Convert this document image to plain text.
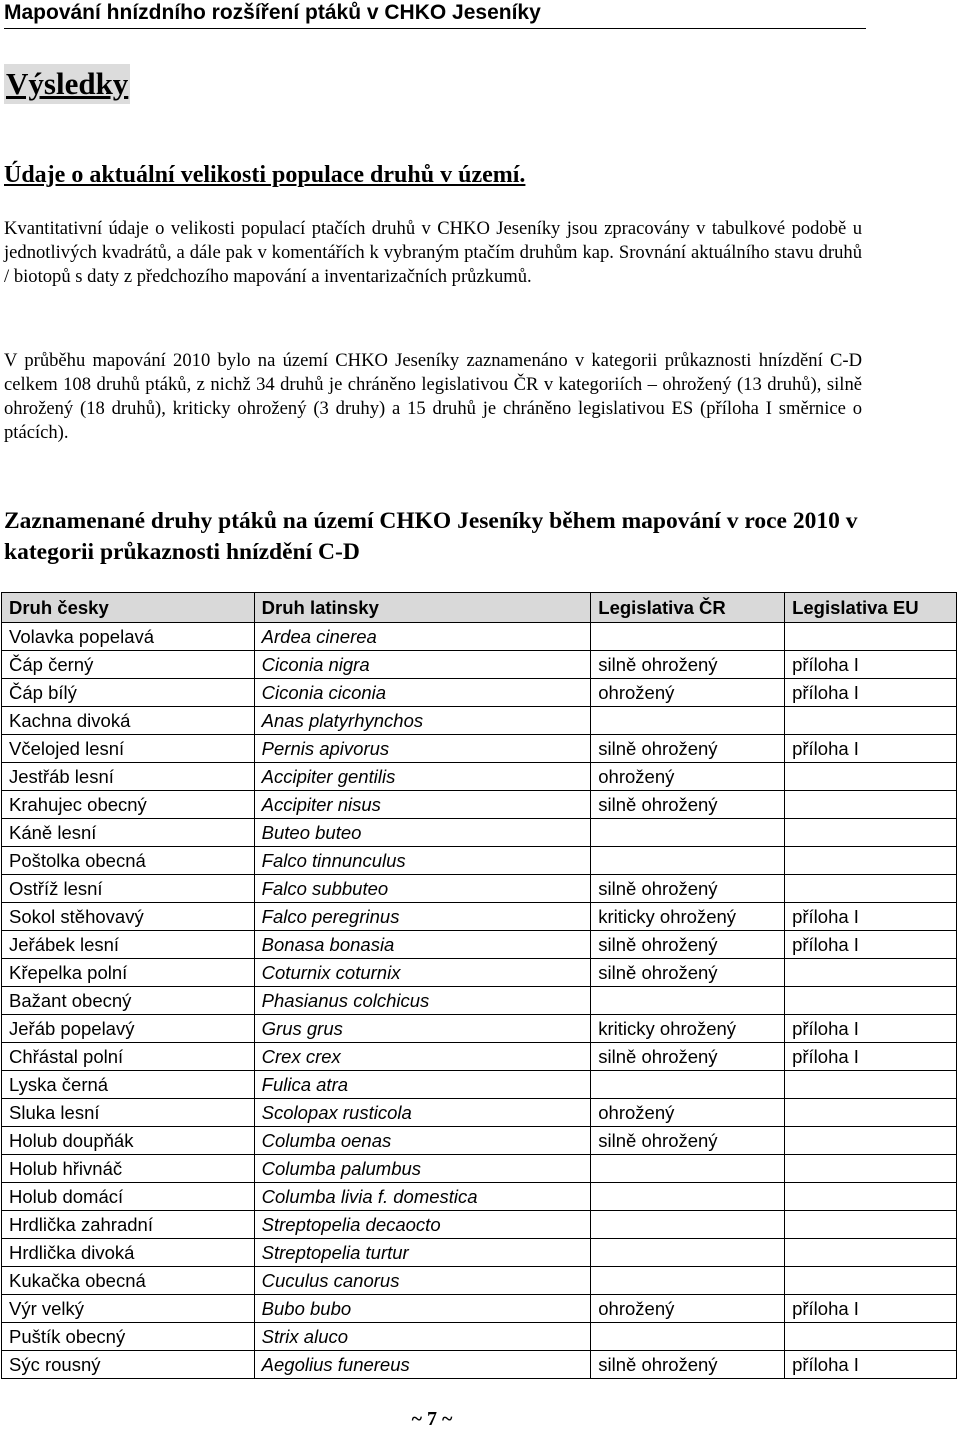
Mapování hnízdního rozšíření ptáků v CHKO Jeseníky
Výsledky
Údaje o aktuální velikosti populace druhů v území.
Kvantitativní údaje o velikosti populací ptačích druhů v CHKO Jeseníky jsou zpracovány v tabulkové podobě u jednotlivých kvadrátů, a dále pak v komentářích k vybraným ptačím druhům kap. Srovnání aktuálního stavu druhů / biotopů s daty z předchozího mapování a inventarizačních průzkumů.
V průběhu mapování 2010 bylo na území CHKO Jeseníky zaznamenáno v kategorii průkaznosti hnízdění C-D celkem 108 druhů ptáků, z nichž 34 druhů je chráněno legislativou ČR v kategoriích – ohrožený (13 druhů), silně ohrožený (18 druhů), kriticky ohrožený (3 druhy) a 15 druhů je chráněno legislativou ES (příloha I směrnice o ptácích).
Zaznamenané druhy ptáků na území CHKO Jeseníky během mapování v roce 2010 v kategorii průkaznosti hnízdění C-D
Druh česky	Druh latinsky	Legislativa ČR	Legislativa EU
Volavka popelavá	Ardea cinerea		
Čáp černý	Ciconia nigra	silně ohrožený	příloha I
Čáp bílý	Ciconia ciconia	ohrožený	příloha I
Kachna divoká	Anas platyrhynchos		
Včelojed lesní	Pernis apivorus	silně ohrožený	příloha I
Jestřáb lesní	Accipiter gentilis	ohrožený	
Krahujec obecný	Accipiter nisus	silně ohrožený	
Káně lesní	Buteo buteo		
Poštolka obecná	Falco tinnunculus		
Ostříž lesní	Falco subbuteo	silně ohrožený	
Sokol stěhovavý	Falco peregrinus	kriticky ohrožený	příloha I
Jeřábek lesní	Bonasa bonasia	silně ohrožený	příloha I
Křepelka polní	Coturnix coturnix	silně ohrožený	
Bažant obecný	Phasianus colchicus		
Jeřáb popelavý	Grus grus	kriticky ohrožený	příloha I
Chřástal polní	Crex crex	silně ohrožený	příloha I
Lyska černá	Fulica atra		
Sluka lesní	Scolopax rusticola	ohrožený	
Holub doupňák	Columba oenas	silně ohrožený	
Holub hřivnáč	Columba palumbus		
Holub domácí	Columba livia f. domestica		
Hrdlička zahradní	Streptopelia decaocto		
Hrdlička divoká	Streptopelia turtur		
Kukačka obecná	Cuculus canorus		
Výr velký	Bubo bubo	ohrožený	příloha I
Puštík obecný	Strix aluco		
Sýc rousný	Aegolius funereus	silně ohrožený	příloha I
~ 7 ~
